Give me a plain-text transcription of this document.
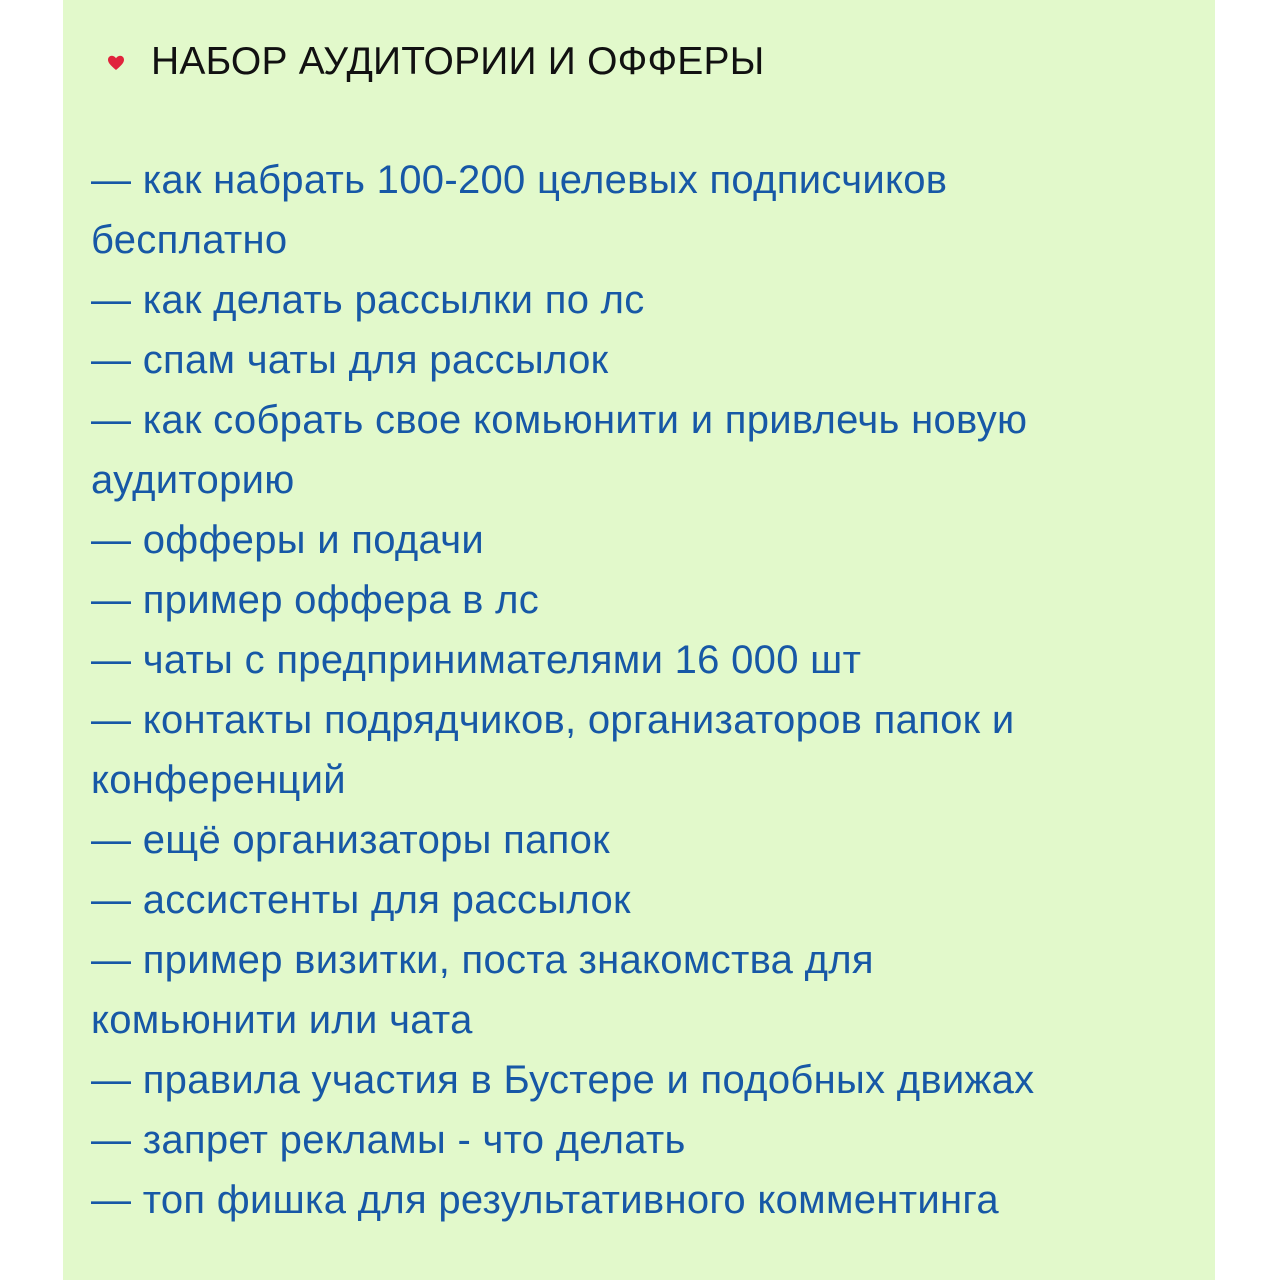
НАБОР АУДИТОРИИ И ОФФЕРЫ
— как набрать 100-200 целевых подписчиков
бесплатно
— как делать рассылки по лс
— спам чаты для рассылок
— как собрать свое комьюнити и привлечь новую
аудиторию
— офферы и подачи
— пример оффера в лс
— чаты с предпринимателями 16 000 шт
— контакты подрядчиков, организаторов папок и
конференций
— ещё организаторы папок
— ассистенты для рассылок
— пример визитки, поста знакомства для
комьюнити или чата
— правила участия в Бустере и подобных движах
— запрет рекламы - что делать
— топ фишка для результативного комментинга
